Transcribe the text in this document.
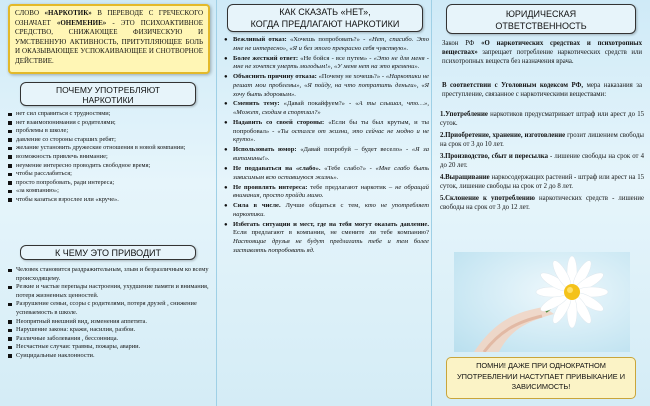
СЛОВО «НАРКОТИК» В ПЕРЕВОДЕ С ГРЕЧЕСКОГО ОЗНАЧАЕТ «ОНЕМЕНИЕ» - ЭТО ПСИХОАКТИВНОЕ СРЕДСТВО, СНИЖАЮЩЕЕ ФИЗИЧЕСКУЮ И УМСТВЕННУЮ АКТИВНОСТЬ, ПРИТУПЛЯЮЩЕЕ БОЛЬ И ОКАЗЫВАЮЩЕЕ УСПОКАИВАЮЩЕЕ И СНОТВОРНОЕ ДЕЙСТВИЕ.
ПОЧЕМУ УПОТРЕБЛЯЮТ НАРКОТИКИ
нет сил справиться с трудностями;
нет взаимопонимания с родителями;
проблемы в школе;
давление со стороны старших ребят;
желание установить дружеские отношения в новой компании;
возможность привлечь внимание;
неумение интересно проводить свободное время;
чтобы расслабиться;
просто попробовать, ради интереса;
«за компанию»;
чтобы казаться взрослее или «круче».
К ЧЕМУ ЭТО ПРИВОДИТ
Человек становится раздражительным, злым и безразличным ко всему происходящему.
Резкие и частые перепады настроения, ухудшение памяти и внимания, потеря жизненных ценностей.
Разрушение семьи, ссоры с родителями, потеря друзей , снижение успеваемость в школе.
Неопрятный внешний вид, изменения аппетита.
Нарушение закона: кражи, насилия, разбои.
Различные заболевания , бессонница.
Несчастные случаи: травмы, пожары, аварии.
Суицидальные наклонности.
КАК СКАЗАТЬ «НЕТ»,
КОГДА ПРЕДЛАГАЮТ НАРКОТИКИ
● Вежливый отказ: «Хочешь попробовать?» - «Нет, спасибо. Это мне не интересно», «Я и без этого прекрасно себя чувствую».
● Более жесткий ответ: «Не бойся - все путем» - «Это не для меня - мне не хочется умерть молодым!», «У меня нет на это времени».
● Объяснить причину отказа: «Почему не хочешь?» - «Наркотики не решат мои проблемы», «Я пойду, на что потратить деньги», «Я хочу быть здоровым».
● Сменить тему: «Давай покайфуем?» - «А ты слышал, что…», «Может, сходим в спортзал?»
● Надавить со своей стороны: «Если бы ты был крутым, и ты попробовал» - «Ты остался от жизни, это сейчас не модно и не круто».
● Использовать юмор: «Давай попробуй – будет весело» - «Я за витамины!».
● Не поддаваться на «слабо». «Тебе слабо?» - «Мне слабо быть зависимым всю оставшуюся жизнь».
● Не проявлять интереса: тебе предлагают наркотик – не обращай внимания, просто пройди мимо.
● Сила в числе. Лучше общаться с тем, кто не употребляет наркотики.
● Избегать ситуации и мест, где на тебя могут оказать давление. Если предлагают в компании, не смените ли тебе компанию? Настоящие друзья не будут предлагать тебе и тем более заставлять попробовать яд.
ЮРИДИЧЕСКАЯ
ОТВЕТСТВЕННОСТЬ

Закон РФ «О наркотических средствах и психотропных веществах» запрещает потребление наркотических средств или психотропных веществ без назначения врача.

В соответствии с Уголовным кодексом РФ, мера наказания за преступление, связанное с наркотическими веществами:

1.Употребление наркотиков предусматривает штраф или арест до 15 суток.
2.Приобретение, хранение, изготовление грозит лишением свободы на срок от 3 до 10 лет.
3.Производство, сбыт и пересылка - лишение свободы на срок от 4 до 20 лет.
4.Выращивание наркосодержащих растений - штраф или арест на 15 суток, лишение свободы на срок от 2 до 8 лет.
5.Склонение к употреблению наркотических средств - лишение свободы на срок от 3 до 12 лет.
ПОМНИ! ДАЖЕ ПРИ ОДНОКРАТНОМ УПОТРЕБЛЕНИИ НАСТУПАЕТ ПРИВЫКАНИЕ И ЗАВИСИМОСТЬ!
